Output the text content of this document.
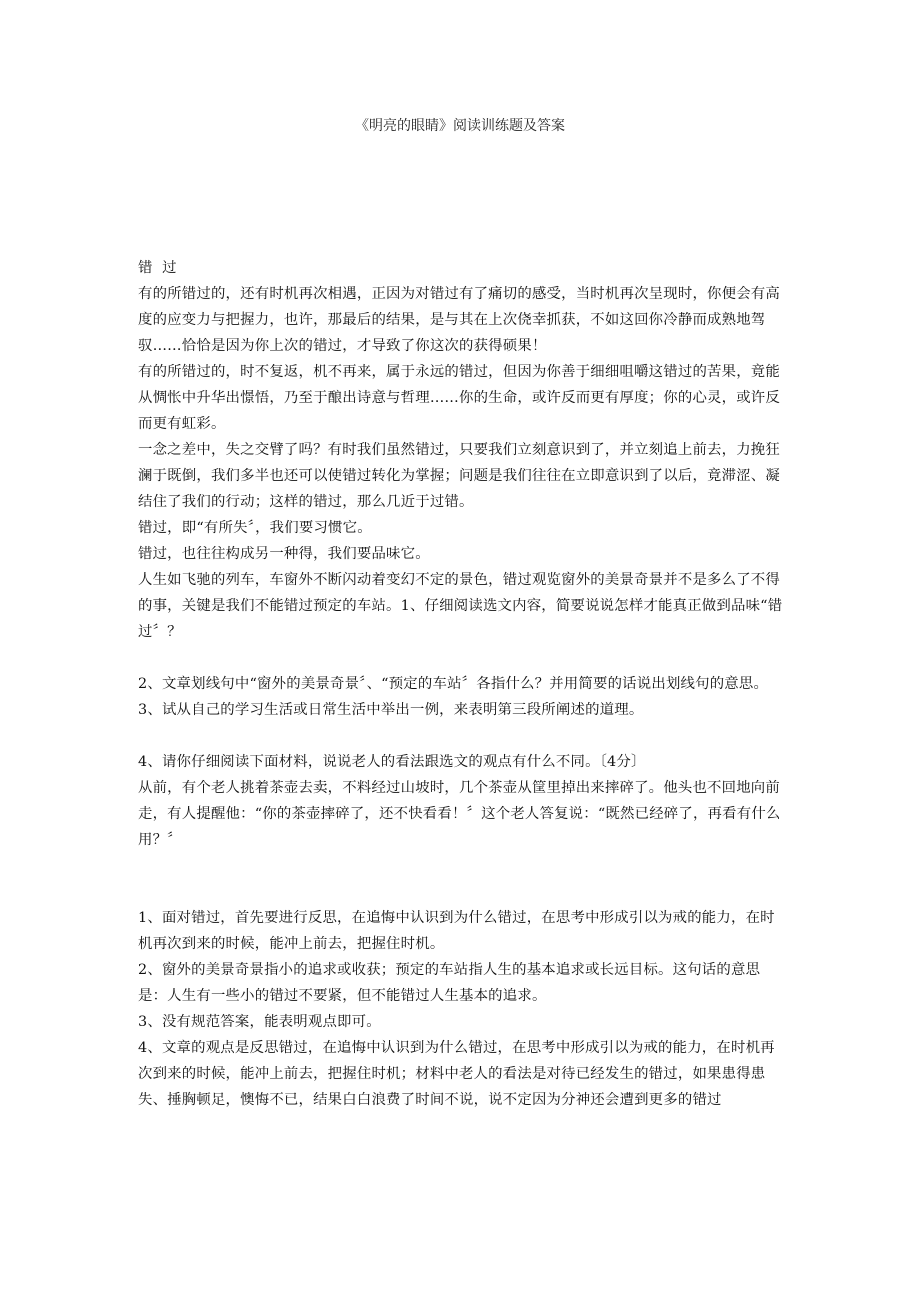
《明亮的眼睛》阅读训练题及答案

错  过

有的所错过的，还有时机再次相遇，正因为对错过有了痛切的感受，当时机再次呈现时，你便会有高度的应变力与把握力，也许，那最后的结果，是与其在上次侥幸抓获，不如这回你冷静而成熟地驾驭……恰恰是因为你上次的错过，才导致了你这次的获得硕果！

有的所错过的，时不复返，机不再来，属于永远的错过，但因为你善于细细咀嚼这错过的苦果，竟能从惆怅中升华出憬悟，乃至于酿出诗意与哲理……你的生命，或许反而更有厚度；你的心灵，或许反而更有虹彩。

一念之差中，失之交臂了吗？有时我们虽然错过，只要我们立刻意识到了，并立刻追上前去，力挽狂澜于既倒，我们多半也还可以使错过转化为掌握；问题是我们往往在立即意识到了以后，竟滞涩、凝结住了我们的行动；这样的错过，那么几近于过错。

错过，即“有所失〞，我们要习惯它。

错过，也往往构成另一种得，我们要品味它。

人生如飞驰的列车，车窗外不断闪动着变幻不定的景色，错过观览窗外的美景奇景并不是多么了不得的事，关键是我们不能错过预定的车站。1、仔细阅读选文内容，简要说说怎样才能真正做到品味“错过〞？

2、文章划线句中“窗外的美景奇景〞、“预定的车站〞各指什么？并用简要的话说出划线句的意思。

3、试从自己的学习生活或日常生活中举出一例，来表明第三段所阐述的道理。

4、请你仔细阅读下面材料，说说老人的看法跟选文的观点有什么不同。〔4分〕

从前，有个老人挑着茶壶去卖，不料经过山坡时，几个茶壶从筐里掉出来摔碎了。他头也不回地向前走，有人提醒他：“你的茶壶摔碎了，还不快看看！〞这个老人答复说：“既然已经碎了，再看有什么用？〞

1、面对错过，首先要进行反思，在追悔中认识到为什么错过，在思考中形成引以为戒的能力，在时机再次到来的时候，能冲上前去，把握住时机。

2、窗外的美景奇景指小的追求或收获；预定的车站指人生的基本追求或长远目标。这句话的意思是：人生有一些小的错过不要紧，但不能错过人生基本的追求。

3、没有规范答案，能表明观点即可。

4、文章的观点是反思错过，在追悔中认识到为什么错过，在思考中形成引以为戒的能力，在时机再次到来的时候，能冲上前去，把握住时机；材料中老人的看法是对待已经发生的错过，如果患得患失、捶胸顿足，懊悔不已，结果白白浪费了时间不说，说不定因为分神还会遭到更多的错过
